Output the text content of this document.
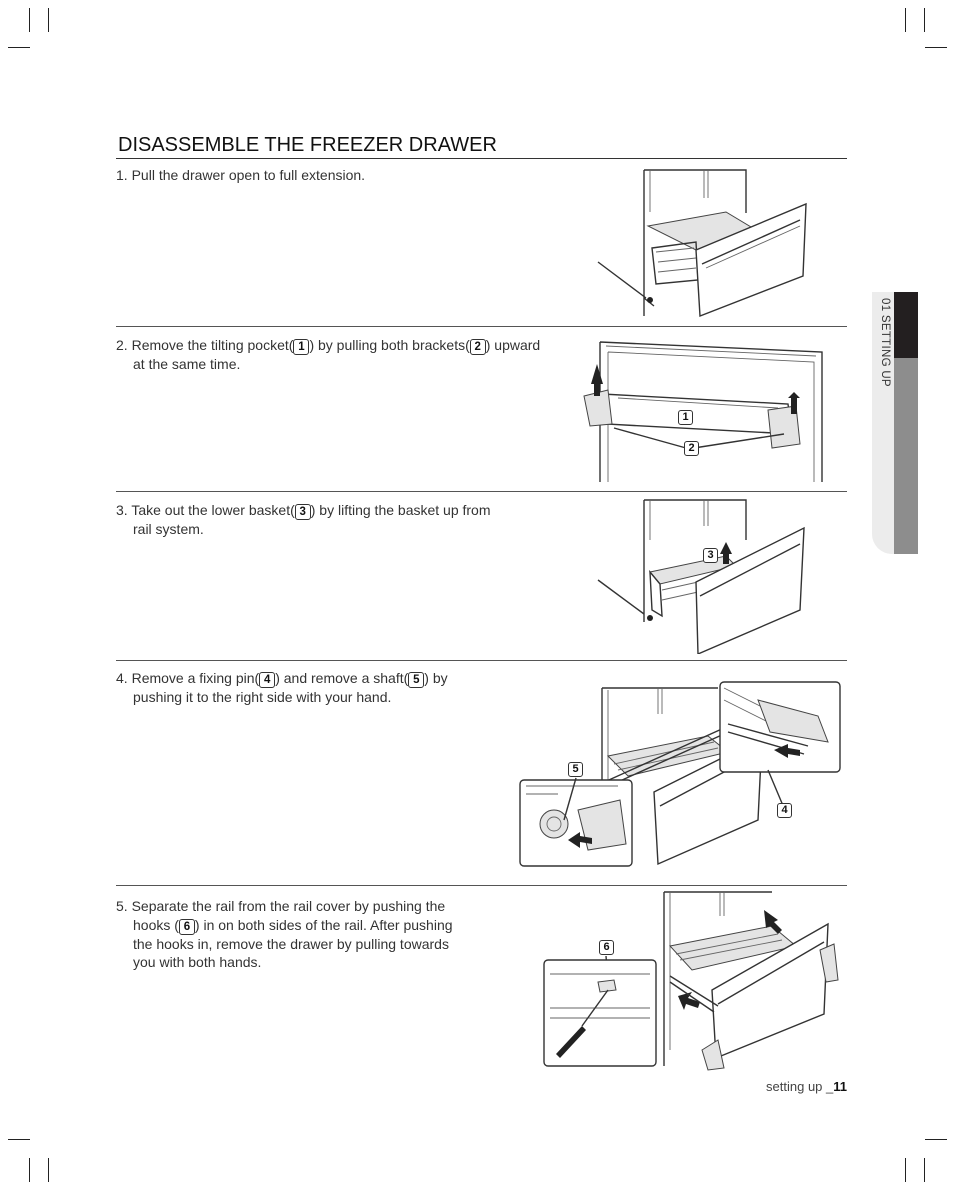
01 SETTING UP
DISASSEMBLE THE FREEZER DRAWER
1. Pull the drawer open to full extension.
2. Remove the tilting pocket( 1 ) by pulling both brackets( 2 ) upward
at the same time.
1
2
3. Take out the lower basket( 3 ) by lifting the basket up from
rail system.
3
4. Remove a fixing pin( 4 ) and remove a shaft( 5 ) by
pushing it to the right side with your hand.
5
4
5. Separate the rail from the rail cover by pushing the
hooks ( 6 ) in on both sides of the rail. After pushing
the hooks in, remove the drawer by pulling towards
you with both hands.
6
setting up _11
